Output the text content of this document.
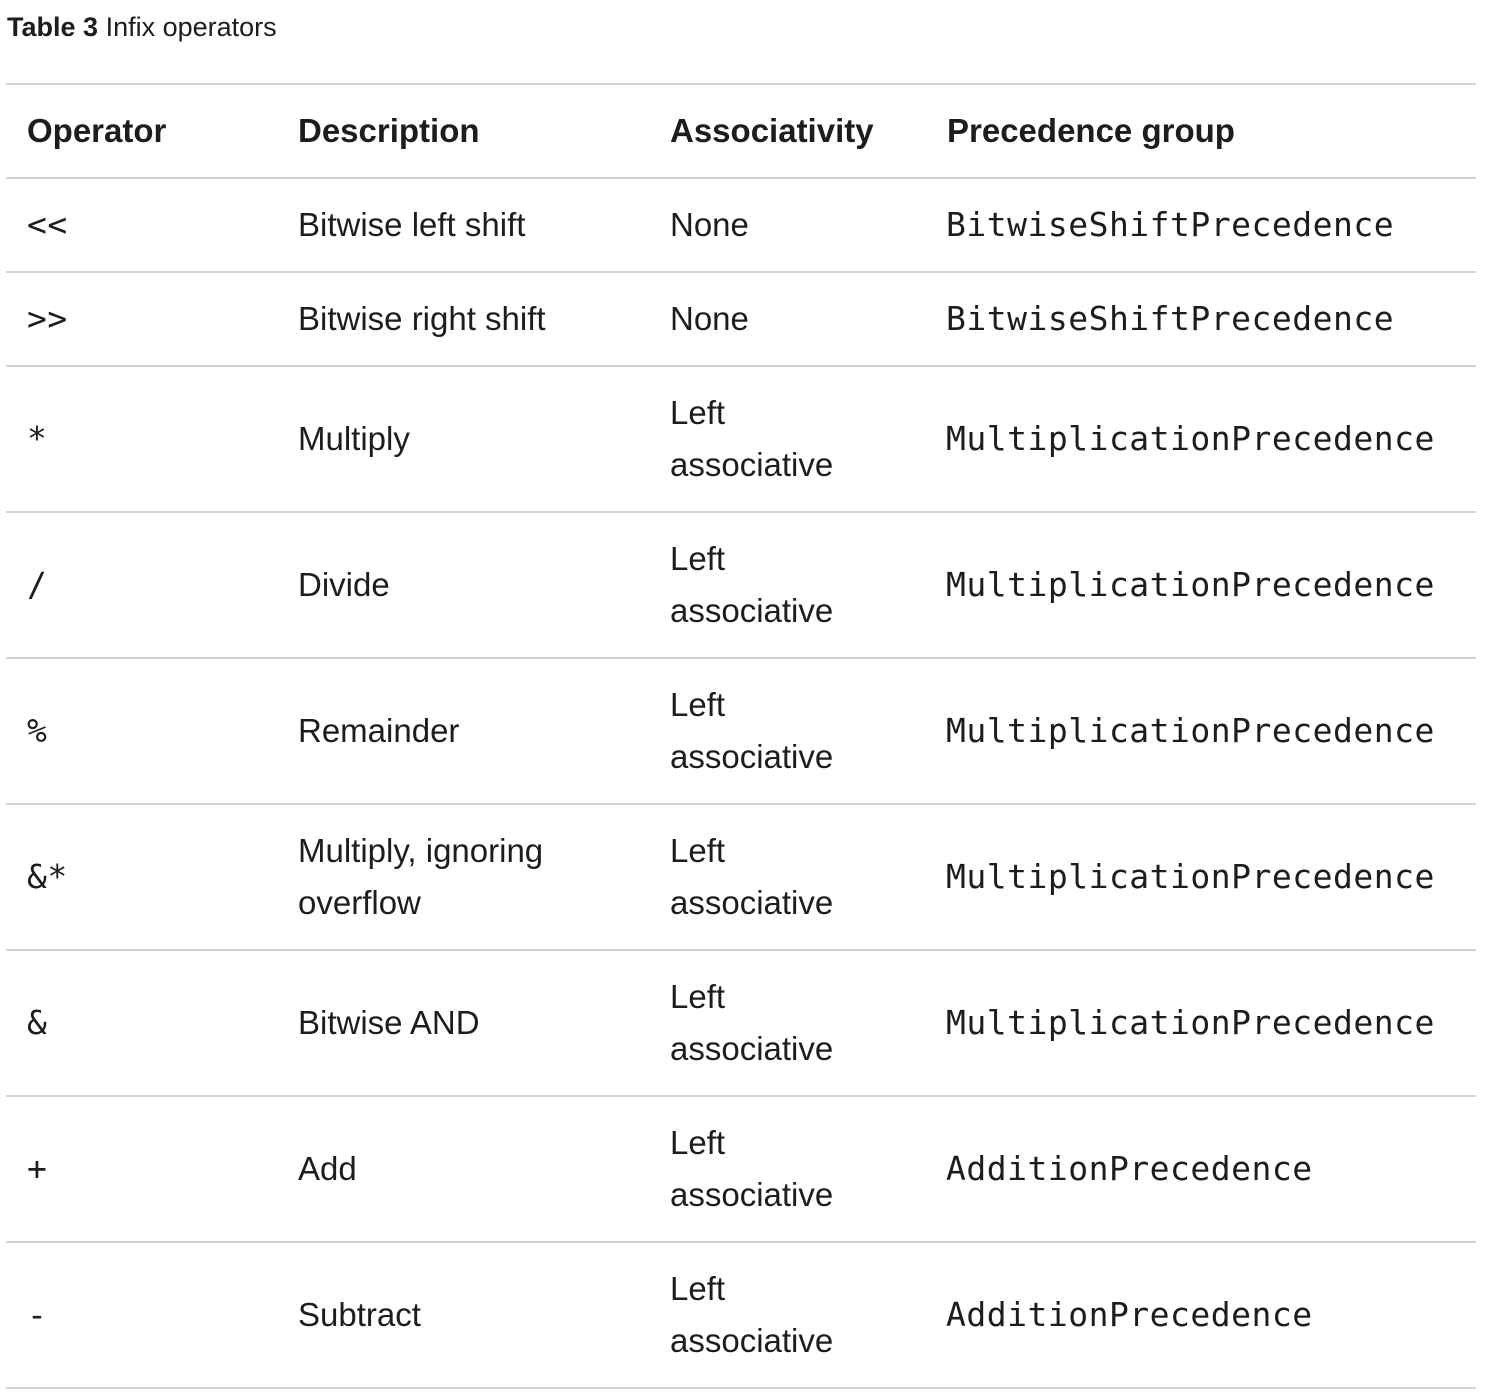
Table 3 Infix operators
Operator	Description	Associativity	Precedence group
<<	Bitwise left shift	None	BitwiseShiftPrecedence
>>	Bitwise right shift	None	BitwiseShiftPrecedence
*	Multiply	Left associative	MultiplicationPrecedence
/	Divide	Left associative	MultiplicationPrecedence
%	Remainder	Left associative	MultiplicationPrecedence
&*	Multiply, ignoring overflow	Left associative	MultiplicationPrecedence
&	Bitwise AND	Left associative	MultiplicationPrecedence
+	Add	Left associative	AdditionPrecedence
-	Subtract	Left associative	AdditionPrecedence
